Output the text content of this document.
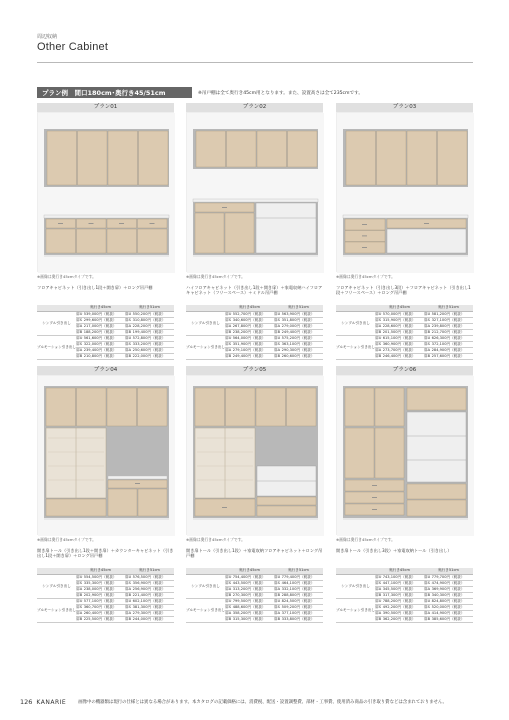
周辺収納
Other Cabinet
プラン例　間口180cm･奥行き45/51cm	※吊戸棚は全て奥行き45cm用となります。また、設置高さは全て235cmです。
プラン01
※画像は奥行き45cmタイプです。
フロアキャビネット（引き出し1段＋開き扉）＋ロング吊戸棚
	奥行き45cm		奥行き51cm	
シンプル引き出し	扉U	539,000円（税抜）	扉U	550,200円（税抜）
	扉S	299,600円（税抜）	扉S	310,800円（税抜）
	扉A	217,000円（税抜）	扉A	228,200円（税抜）
	扉B	188,200円（税抜）	扉B	199,400円（税抜）
ブルモーション引き出し	扉U	561,600円（税抜）	扉U	572,800円（税抜）
	扉S	322,000円（税抜）	扉S	333,200円（税抜）
	扉A	239,400円（税抜）	扉A	250,600円（税抜）
	扉B	210,800円（税抜）	扉B	222,000円（税抜）
プラン02
※画像は奥行き45cmタイプです。
ハイフロアキャビネット（引き出し1段＋開き扉）＋家電収納ハイフロアキャビネット（フリースペース）＋ミドル吊戸棚
	奥行き45cm		奥行き51cm	
シンプル引き出し	扉U	552,700円（税抜）	扉U	563,900円（税抜）
	扉S	340,600円（税抜）	扉S	351,800円（税抜）
	扉A	267,800円（税抜）	扉A	279,000円（税抜）
	扉B	238,200円（税抜）	扉B	249,400円（税抜）
ブルモーション引き出し	扉U	564,000円（税抜）	扉U	575,200円（税抜）
	扉S	351,900円（税抜）	扉S	363,100円（税抜）
	扉A	279,100円（税抜）	扉A	290,300円（税抜）
	扉B	249,400円（税抜）	扉B	260,600円（税抜）
プラン03
※画像は奥行き45cmタイプです。
フロアキャビネット（引き出し3段）＋フロアキャビネット（引き出し1段＋フリースペース）＋ロング吊戸棚
	奥行き45cm		奥行き51cm	
シンプル引き出し	扉U	570,000円（税抜）	扉U	581,200円（税抜）
	扉S	315,900円（税抜）	扉S	327,100円（税抜）
	扉A	228,600円（税抜）	扉A	239,800円（税抜）
	扉B	201,500円（税抜）	扉B	212,700円（税抜）
ブルモーション引き出し	扉U	615,100円（税抜）	扉U	626,300円（税抜）
	扉S	360,900円（税抜）	扉S	372,100円（税抜）
	扉A	273,700円（税抜）	扉A	284,900円（税抜）
	扉B	246,400円（税抜）	扉B	257,600円（税抜）
プラン04
※画像は奥行き45cmタイプです。
開き扉トール（引き出し1段＋開き扉）＋カウンターキャビネット（引き出し1段＋開き扉）＋ロング吊戸棚
	奥行き45cm		奥行き51cm	
シンプル引き出し	扉U	554,500円（税抜）	扉U	576,500円（税抜）
	扉S	335,300円（税抜）	扉S	356,900円（税抜）
	扉A	238,000円（税抜）	扉A	256,900円（税抜）
	扉B	202,900円（税抜）	扉B	221,400円（税抜）
ブルモーション引き出し	扉U	577,100円（税抜）	扉U	602,100円（税抜）
	扉S	360,700円（税抜）	扉S	381,300円（税抜）
	扉A	260,400円（税抜）	扉A	279,300円（税抜）
	扉B	225,500円（税抜）	扉B	244,000円（税抜）
プラン05
※画像は奥行き45cmタイプです。
開き扉トール（引き出し1段）＋家電収納フロアキャビネット＋ロング吊戸棚
	奥行き45cm		奥行き51cm	
シンプル引き出し	扉U	754,400円（税抜）	扉U	779,400円（税抜）
	扉S	443,500円（税抜）	扉S	464,100円（税抜）
	扉A	313,200円（税抜）	扉A	332,100円（税抜）
	扉B	270,300円（税抜）	扉B	288,800円（税抜）
ブルモーション引き出し	扉U	799,500円（税抜）	扉U	824,500円（税抜）
	扉S	488,600円（税抜）	扉S	509,200円（税抜）
	扉A	358,200円（税抜）	扉A	377,100円（税抜）
	扉B	315,300円（税抜）	扉B	333,800円（税抜）
プラン06
※画像は奥行き45cmタイプです。
開き扉トール（引き出し3段）＋家電収納トール（引き出し）
	奥行き45cm		奥行き51cm	
シンプル引き出し	扉U	743,100円（税抜）	扉U	779,700円（税抜）
	扉S	447,100円（税抜）	扉S	474,900円（税抜）
	扉A	345,500円（税抜）	扉A	369,900円（税抜）
	扉B	317,300円（税抜）	扉B	340,300円（税抜）
ブルモーション引き出し	扉U	788,200円（税抜）	扉U	824,800円（税抜）
	扉S	492,200円（税抜）	扉S	520,000円（税抜）
	扉A	390,500円（税抜）	扉A	414,900円（税抜）
	扉B	362,200円（税抜）	扉B	385,600円（税抜）
126 KANARIE	画像中の機器類は現行の仕様とは異なる場合があります。本カタログの記載価格には、消費税、配送・設置調整費、部材・工事費、使用済み商品の引き取り費などは含まれておりません。
